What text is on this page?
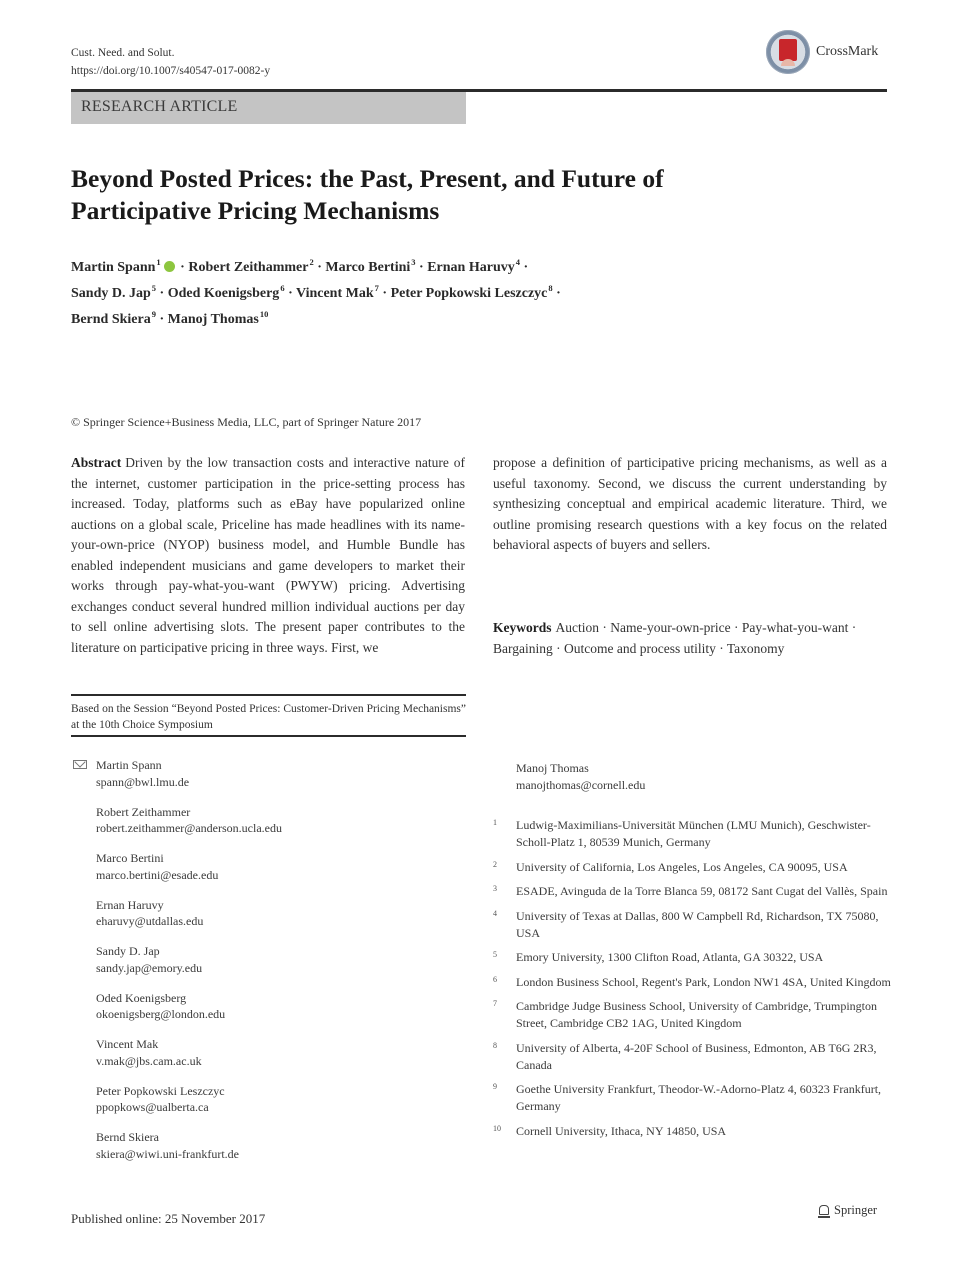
Cust. Need. and Solut.
https://doi.org/10.1007/s40547-017-0082-y
CrossMark
RESEARCH ARTICLE
Beyond Posted Prices: the Past, Present, and Future of Participative Pricing Mechanisms
Martin Spann$^1$ · Robert Zeithammer$^2$ · Marco Bertini$^3$ · Ernan Haruvy$^4$ ·
Sandy D. Jap$^5$ · Oded Koenigsberg$^6$ · Vincent Mak$^7$ · Peter Popkowski Leszczyc$^8$ ·
Bernd Skiera$^9$ · Manoj Thomas$^{10}$
© Springer Science+Business Media, LLC, part of Springer Nature 2017

Abstract Driven by the low transaction costs and interactive nature of the internet, customer participation in the price-setting process has increased. Today, platforms such as eBay have popularized online auctions on a global scale, Priceline has made headlines with its name-your-own-price (NYOP) business model, and Humble Bundle has enabled independent musicians and game developers to market their works through pay-what-you-want (PWYW) pricing. Advertising exchanges conduct several hundred million individual auctions per day to sell online advertising slots. The present paper contributes to the literature on participative pricing in three ways. First, we

propose a definition of participative pricing mechanisms, as well as a useful taxonomy. Second, we discuss the current understanding by synthesizing conceptual and empirical academic literature. Third, we outline promising research questions with a key focus on the related behavioral aspects of buyers and sellers.

Keywords Auction · Name-your-own-price · Pay-what-you-want · Bargaining · Outcome and process utility · Taxonomy
Based on the Session “Beyond Posted Prices: Customer-Driven Pricing Mechanisms” at the 10th Choice Symposium
Martin Spann
spann@bwl.lmu.de
Robert Zeithammer
robert.zeithammer@anderson.ucla.edu
Marco Bertini
marco.bertini@esade.edu
Ernan Haruvy
eharuvy@utdallas.edu
Sandy D. Jap
sandy.jap@emory.edu
Oded Koenigsberg
okoenigsberg@london.edu
Vincent Mak
v.mak@jbs.cam.ac.uk
Peter Popkowski Leszczyc
ppopkows@ualberta.ca
Bernd Skiera
skiera@wiwi.uni-frankfurt.de
Manoj Thomas
manojthomas@cornell.edu
1	Ludwig-Maximilians-Universität München (LMU Munich), Geschwister-Scholl-Platz 1, 80539 Munich, Germany
2	University of California, Los Angeles, Los Angeles, CA 90095, USA
3	ESADE, Avinguda de la Torre Blanca 59, 08172 Sant Cugat del Vallès, Spain
4	University of Texas at Dallas, 800 W Campbell Rd, Richardson, TX 75080, USA
5	Emory University, 1300 Clifton Road, Atlanta, GA 30322, USA
6	London Business School, Regent's Park, London NW1 4SA, United Kingdom
7	Cambridge Judge Business School, University of Cambridge, Trumpington Street, Cambridge CB2 1AG, United Kingdom
8	University of Alberta, 4-20F School of Business, Edmonton, AB T6G 2R3, Canada
9	Goethe University Frankfurt, Theodor-W.-Adorno-Platz 4, 60323 Frankfurt, Germany
10	Cornell University, Ithaca, NY 14850, USA
Published online: 25 November 2017
Springer
